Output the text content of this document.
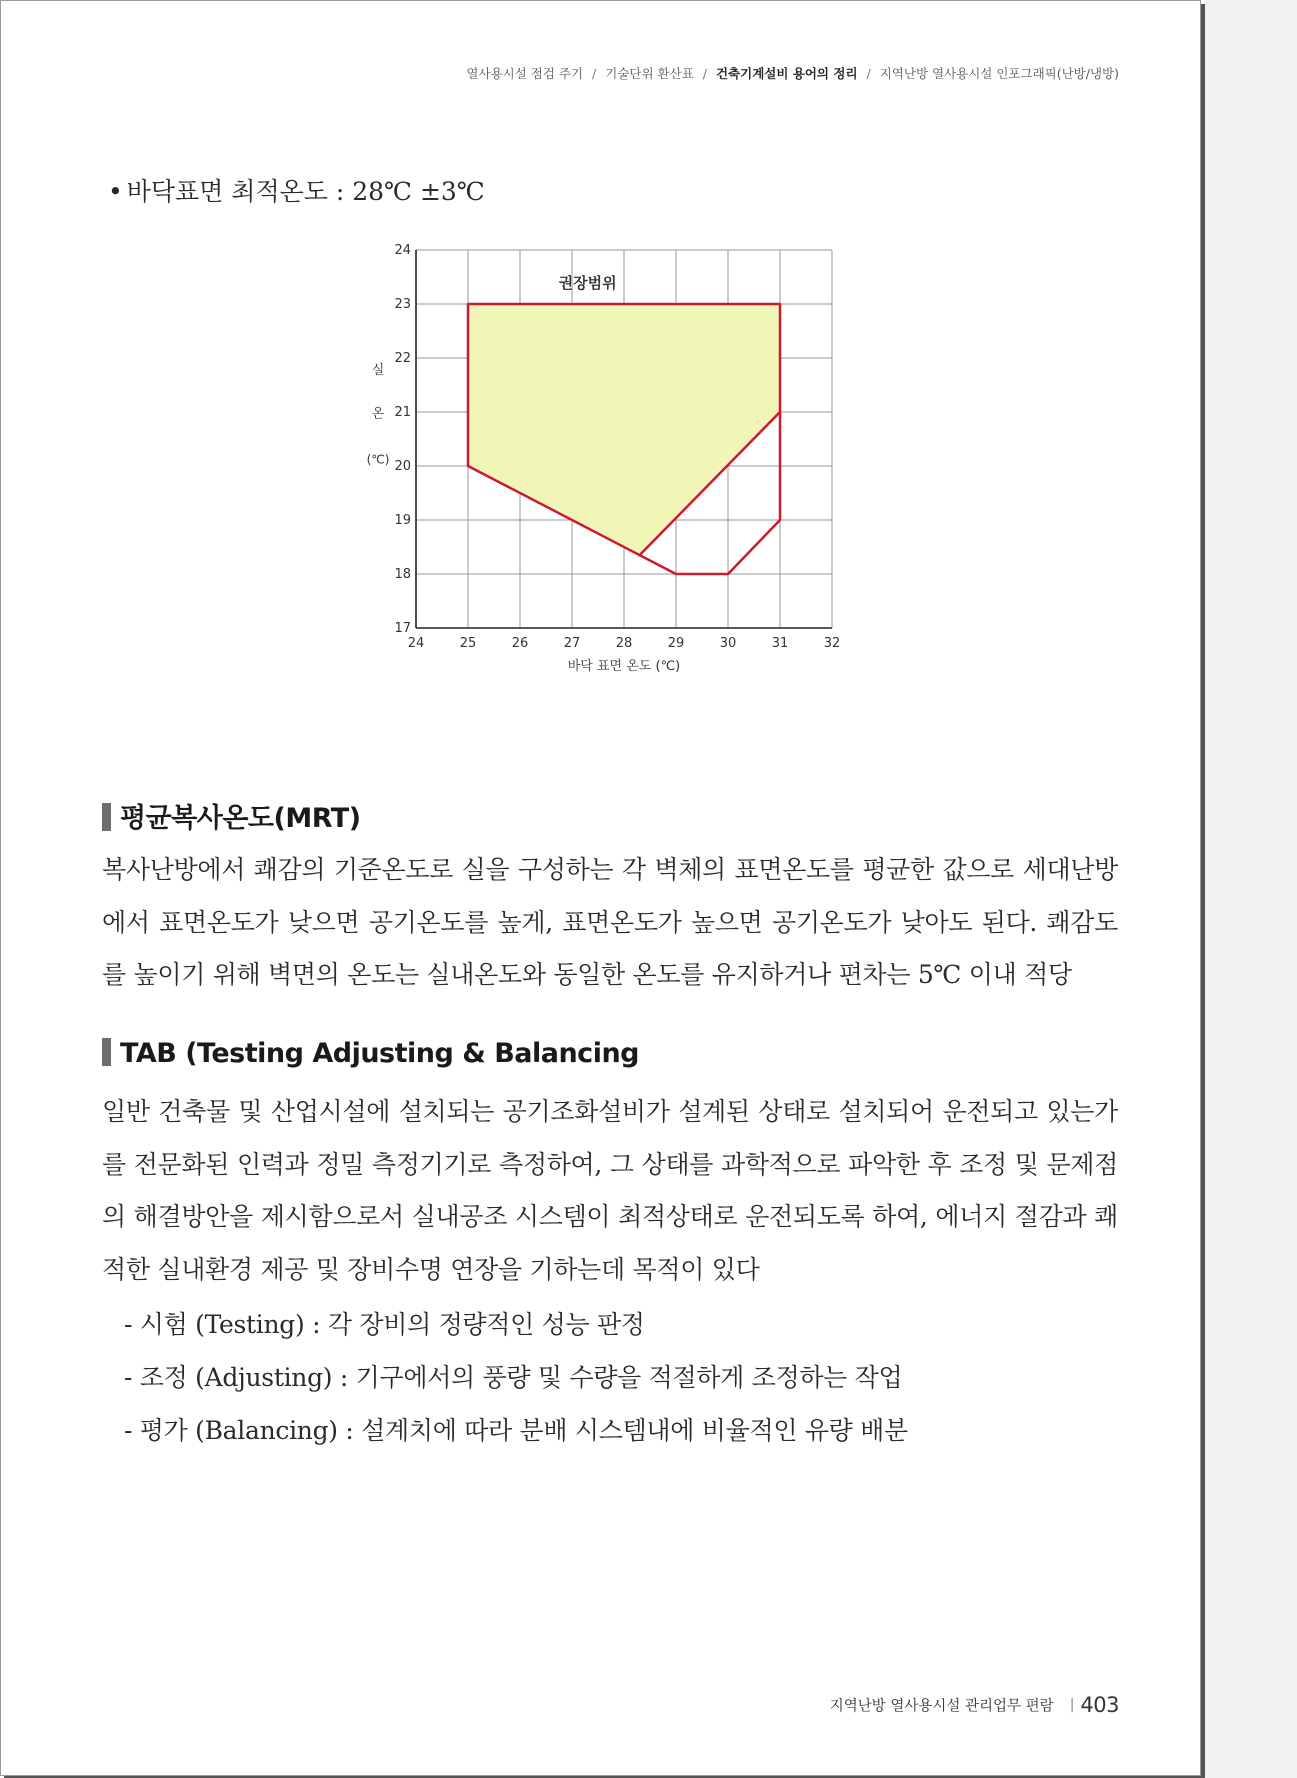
열사용시설 점검 주기 / 기술단위 환산표 / 건축기계설비 용어의 정리 / 지역난방 열사용시설 인포그래픽(난방/냉방)
• 바닥표면 최적온도 : 28℃ ±3℃
24	25	26	27	28	29	30	31	32
17
18
19
20
21
22
23
24
권장범위
바닥 표면 온도 (℃)
실
온
(℃)
평균복사온도(MRT)
복사난방에서 쾌감의 기준온도로 실을 구성하는 각 벽체의 표면온도를 평균한 값으로 세대난방에서 표면온도가 낮으면 공기온도를 높게, 표면온도가 높으면 공기온도가 낮아도 된다. 쾌감도를 높이기 위해 벽면의 온도는 실내온도와 동일한 온도를 유지하거나 편차는 5℃ 이내 적당
TAB (Testing Adjusting & Balancing
일반 건축물 및 산업시설에 설치되는 공기조화설비가 설계된 상태로 설치되어 운전되고 있는가를 전문화된 인력과 정밀 측정기기로 측정하여, 그 상태를 과학적으로 파악한 후 조정 및 문제점의 해결방안을 제시함으로서 실내공조 시스템이 최적상태로 운전되도록 하여, 에너지 절감과 쾌적한 실내환경 제공 및 장비수명 연장을 기하는데 목적이 있다
- 시험 (Testing) : 각 장비의 정량적인 성능 판정
- 조정 (Adjusting) : 기구에서의 풍량 및 수량을 적절하게 조정하는 작업
- 평가 (Balancing) : 설계치에 따라 분배 시스템내에 비율적인 유량 배분
지역난방 열사용시설 관리업무 편람 | 403
